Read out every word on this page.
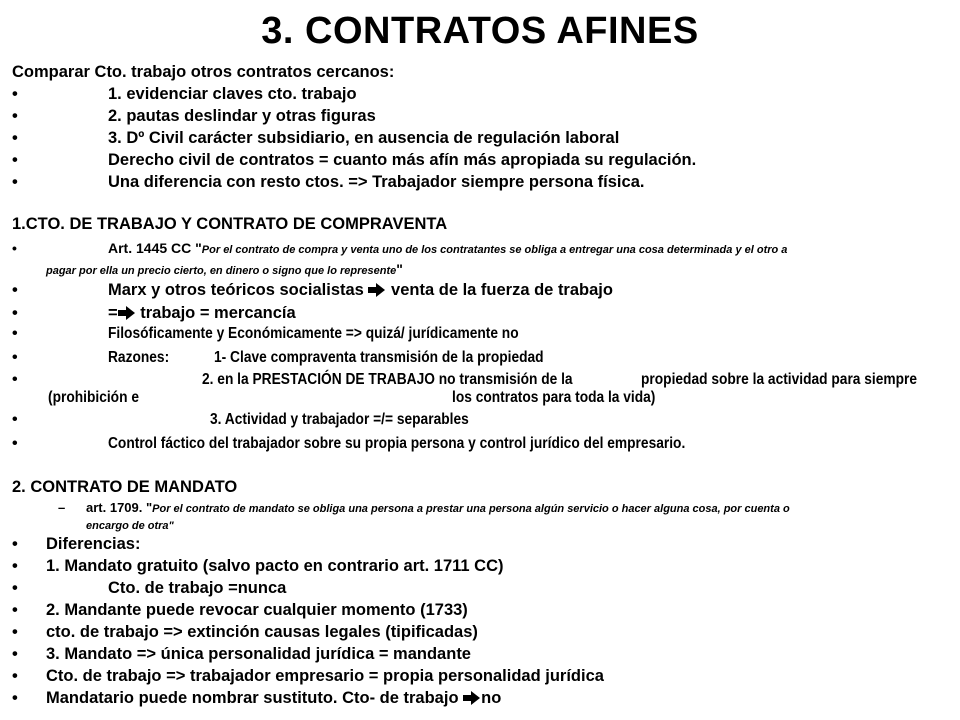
3. CONTRATOS AFINES
Comparar Cto. trabajo otros contratos cercanos:
•	1. evidenciar claves cto. trabajo
•	2. pautas deslindar y otras figuras
•	3. Dº Civil carácter subsidiario, en ausencia de regulación laboral
•	Derecho civil de contratos = cuanto más afín más apropiada su regulación.
•	Una diferencia con resto ctos. => Trabajador siempre persona física.
1.CTO. DE TRABAJO Y CONTRATO DE COMPRAVENTA
•	Art. 1445 CC "Por el contrato de compra y venta uno de los contratantes se obliga a entregar una cosa determinada y el otro a
pagar por ella un precio cierto, en dinero o signo que lo represente"
•	Marx y otros teóricos socialistas venta de la fuerza de trabajo
•	= trabajo = mercancía
•	Filosóficamente y Económicamente => quizá/ jurídicamente no
•	Razones:	1- Clave compraventa transmisión de la propiedad
•	2. en la PRESTACIÓN DE TRABAJO no transmisión de la	propiedad sobre la actividad para siempre
(prohibición e	los contratos para toda la vida)
•	3. Actividad y trabajador =/= separables
•	Control fáctico del trabajador sobre su propia persona y control jurídico del empresario.
2. CONTRATO DE MANDATO
– art. 1709. "Por el contrato de mandato se obliga una persona a prestar una persona algún servicio o hacer alguna cosa, por cuenta o
encargo de otra"
• Diferencias:
• 1. Mandato gratuito (salvo pacto en contrario art. 1711 CC)
•	Cto. de trabajo =nunca
• 2. Mandante puede revocar cualquier momento (1733)
• cto. de trabajo => extinción causas legales (tipificadas)
• 3. Mandato => única personalidad jurídica = mandante
• Cto. de trabajo => trabajador empresario = propia personalidad jurídica
• Mandatario puede nombrar sustituto. Cto- de trabajo no
